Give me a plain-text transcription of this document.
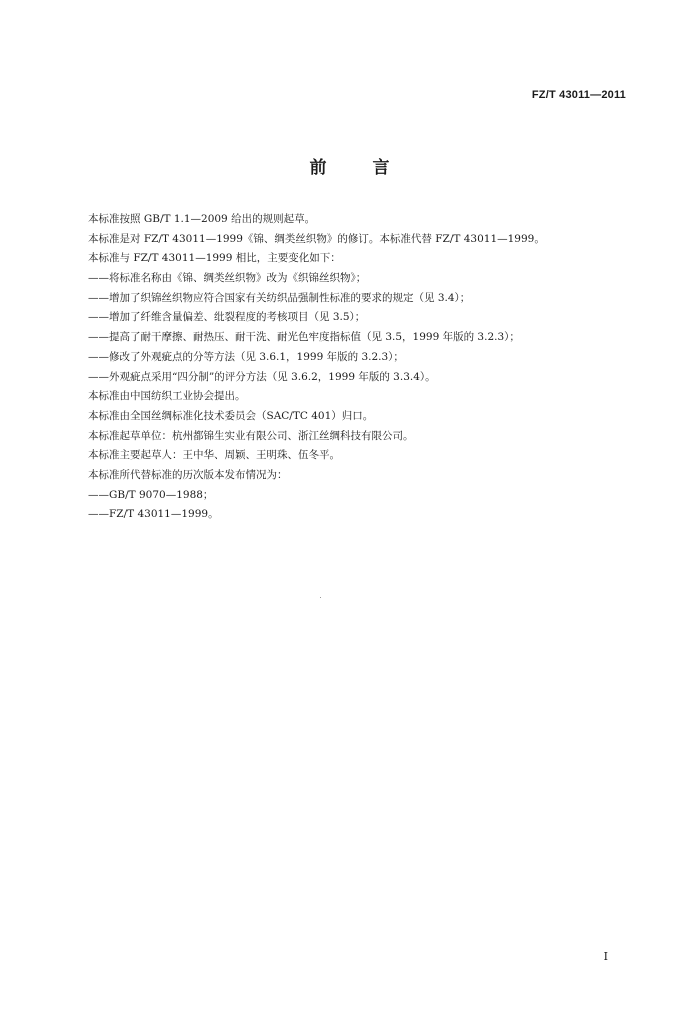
FZ/T 43011—2011
前言
本标准按照 GB/T 1.1—2009 给出的规则起草。
本标准是对 FZ/T 43011—1999《锦、绸类丝织物》的修订。本标准代替 FZ/T 43011—1999。
本标准与 FZ/T 43011—1999 相比，主要变化如下：
——将标准名称由《锦、绸类丝织物》改为《织锦丝织物》；
——增加了织锦丝织物应符合国家有关纺织品强制性标准的要求的规定（见 3.4）；
——增加了纤维含量偏差、纰裂程度的考核项目（见 3.5）；
——提高了耐干摩擦、耐热压、耐干洗、耐光色牢度指标值（见 3.5，1999 年版的 3.2.3）；
——修改了外观疵点的分等方法（见 3.6.1，1999 年版的 3.2.3）；
——外观疵点采用“四分制”的评分方法（见 3.6.2，1999 年版的 3.3.4）。
本标准由中国纺织工业协会提出。
本标准由全国丝绸标准化技术委员会（SAC/TC 401）归口。
本标准起草单位：杭州都锦生实业有限公司、浙江丝绸科技有限公司。
本标准主要起草人：王中华、周颖、王明珠、伍冬平。
本标准所代替标准的历次版本发布情况为：
——GB/T 9070—1988；
——FZ/T 43011—1999。
I
